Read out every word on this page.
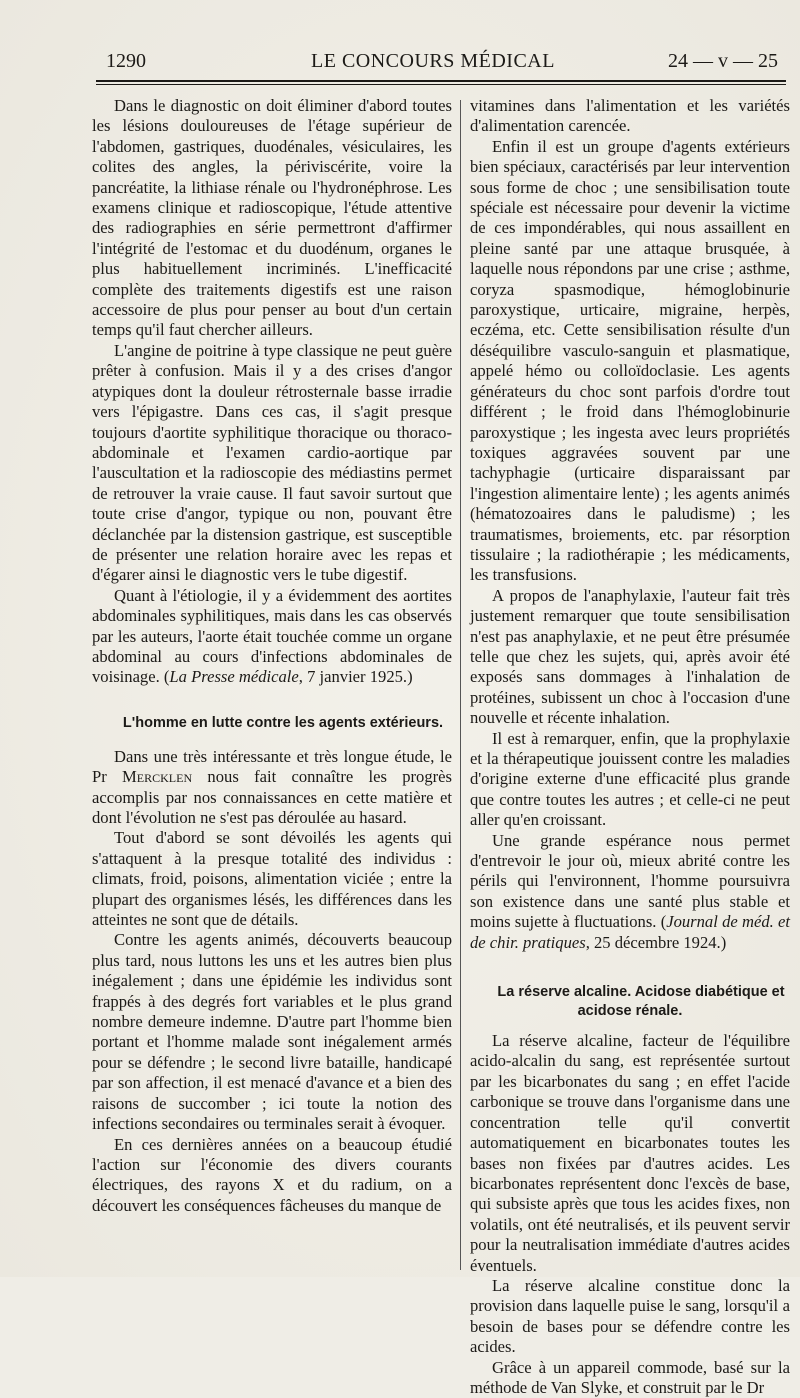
1290	LE CONCOURS MÉDICAL	24 — v — 25

Dans le diagnostic on doit éliminer d'abord toutes les lésions douloureuses de l'étage supérieur de l'abdomen, gastriques, duodénales, vésiculaires, les colites des angles, la périviscérite, voire la pancréatite, la lithiase rénale ou l'hydronéphrose. Les examens clinique et radioscopique, l'étude attentive des radiographies en série permettront d'affirmer l'intégrité de l'estomac et du duodénum, organes le plus habituellement incriminés. L'inefficacité complète des traitements digestifs est une raison accessoire de plus pour penser au bout d'un certain temps qu'il faut chercher ailleurs.

L'angine de poitrine à type classique ne peut guère prêter à confusion. Mais il y a des crises d'angor atypiques dont la douleur rétrosternale basse irradie vers l'épigastre. Dans ces cas, il s'agit presque toujours d'aortite syphilitique thoracique ou thoraco-abdominale et l'examen cardio-aortique par l'auscultation et la radioscopie des médiastins permet de retrouver la vraie cause. Il faut savoir surtout que toute crise d'angor, typique ou non, pouvant être déclanchée par la distension gastrique, est susceptible de présenter une relation horaire avec les repas et d'égarer ainsi le diagnostic vers le tube digestif.

Quant à l'étiologie, il y a évidemment des aortites abdominales syphilitiques, mais dans les cas observés par les auteurs, l'aorte était touchée comme un organe abdominal au cours d'infections abdominales de voisinage. (La Presse médicale, 7 janvier 1925.)

L'homme en lutte contre les agents extérieurs.

Dans une très intéressante et très longue étude, le Pr Mercklen nous fait connaître les progrès accomplis par nos connaissances en cette matière et dont l'évolution ne s'est pas déroulée au hasard.

Tout d'abord se sont dévoilés les agents qui s'attaquent à la presque totalité des individus : climats, froid, poisons, alimentation viciée ; entre la plupart des organismes lésés, les différences dans les atteintes ne sont que de détails.

Contre les agents animés, découverts beaucoup plus tard, nous luttons les uns et les autres bien plus inégalement ; dans une épidémie les individus sont frappés à des degrés fort variables et le plus grand nombre demeure indemne. D'autre part l'homme bien portant et l'homme malade sont inégalement armés pour se défendre ; le second livre bataille, handicapé par son affection, il est menacé d'avance et a bien des raisons de succomber ; ici toute la notion des infections secondaires ou terminales serait à évoquer.

En ces dernières années on a beaucoup étudié l'action sur l'économie des divers courants électriques, des rayons X et du radium, on a découvert les conséquences fâcheuses du manque de

vitamines dans l'alimentation et les variétés d'alimentation carencée.

Enfin il est un groupe d'agents extérieurs bien spéciaux, caractérisés par leur intervention sous forme de choc ; une sensibilisation toute spéciale est nécessaire pour devenir la victime de ces impondérables, qui nous assaillent en pleine santé par une attaque brusquée, à laquelle nous répondons par une crise ; asthme, coryza spasmodique, hémoglobinurie paroxystique, urticaire, migraine, herpès, eczéma, etc. Cette sensibilisation résulte d'un déséquilibre vasculo-sanguin et plasmatique, appelé hémo ou colloïdoclasie. Les agents générateurs du choc sont parfois d'ordre tout différent ; le froid dans l'hémoglobinurie paroxystique ; les ingesta avec leurs propriétés toxiques aggravées souvent par une tachyphagie (urticaire disparaissant par l'ingestion alimentaire lente) ; les agents animés (hématozoaires dans le paludisme) ; les traumatismes, broiements, etc. par résorption tissulaire ; la radiothérapie ; les médicaments, les transfusions.

A propos de l'anaphylaxie, l'auteur fait très justement remarquer que toute sensibilisation n'est pas anaphylaxie, et ne peut être présumée telle que chez les sujets, qui, après avoir été exposés sans dommages à l'inhalation de protéines, subissent un choc à l'occasion d'une nouvelle et récente inhalation.

Il est à remarquer, enfin, que la prophylaxie et la thérapeutique jouissent contre les maladies d'origine externe d'une efficacité plus grande que contre toutes les autres ; et celle-ci ne peut aller qu'en croissant.

Une grande espérance nous permet d'entrevoir le jour où, mieux abrité contre les périls qui l'environnent, l'homme poursuivra son existence dans une santé plus stable et moins sujette à fluctuations. (Journal de méd. et de chir. pratiques, 25 décembre 1924.)

La réserve alcaline. Acidose diabétique et acidose rénale.

La réserve alcaline, facteur de l'équilibre acido-alcalin du sang, est représentée surtout par les bicarbonates du sang ; en effet l'acide carbonique se trouve dans l'organisme dans une concentration telle qu'il convertit automatiquement en bicarbonates toutes les bases non fixées par d'autres acides. Les bicarbonates représentent donc l'excès de base, qui subsiste après que tous les acides fixes, non volatils, ont été neutralisés, et ils peuvent servir pour la neutralisation immédiate d'autres acides éventuels.

La réserve alcaline constitue donc la provision dans laquelle puise le sang, lorsqu'il a besoin de bases pour se défendre contre les acides.

Grâce à un appareil commode, basé sur la méthode de Van Slyke, et construit par le Dr
